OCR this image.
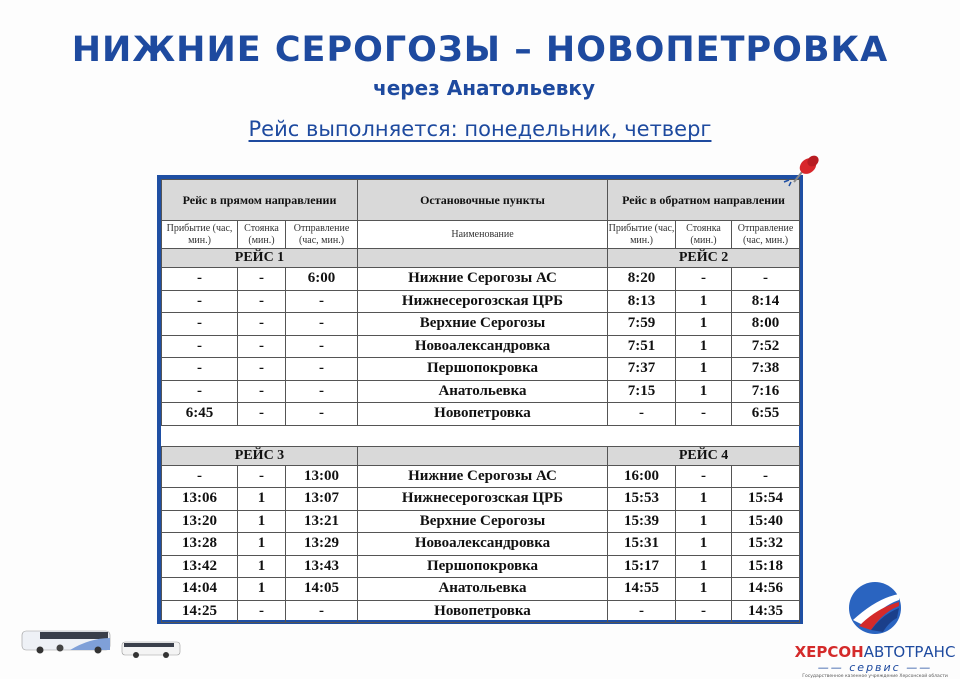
НИЖНИЕ СЕРОГОЗЫ – НОВОПЕТРОВКА
через Анатольевку
Рейс выполняется: понедельник, четверг
Рейс в прямом направлении			Остановочные пункты	Рейс в обратном направлении		
Прибытие (час, мин.)	Стоянка (мин.)	Отправление (час, мин.)	Наименование	Прибытие (час, мин.)	Стоянка (мин.)	Отправление (час, мин.)
РЕЙС 1				РЕЙС 2		
-	-	6:00	Нижние Серогозы АС	8:20	-	-
-	-	-	Нижнесерогозская ЦРБ	8:13	1	8:14
-	-	-	Верхние Серогозы	7:59	1	8:00
-	-	-	Новоалександровка	7:51	1	7:52
-	-	-	Першопокровка	7:37	1	7:38
-	-	-	Анатольевка	7:15	1	7:16
6:45	-	-	Новопетровка	-	-	6:55

РЕЙС 3				РЕЙС 4		
-	-	13:00	Нижние Серогозы АС	16:00	-	-
13:06	1	13:07	Нижнесерогозская ЦРБ	15:53	1	15:54
13:20	1	13:21	Верхние Серогозы	15:39	1	15:40
13:28	1	13:29	Новоалександровка	15:31	1	15:32
13:42	1	13:43	Першопокровка	15:17	1	15:18
14:04	1	14:05	Анатольевка	14:55	1	14:56
14:25	-	-	Новопетровка	-	-	14:35
ХЕРСОНАВТОТРАНС
—— сервис ——
Государственное казенное учреждение Херсонской области
